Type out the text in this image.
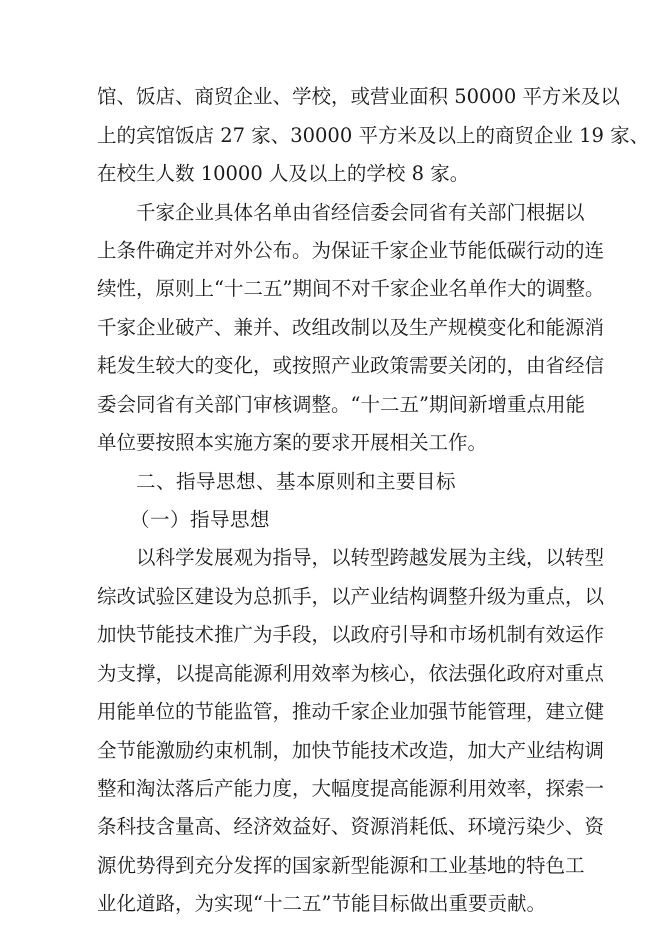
馆、饭店、商贸企业、学校，或营业面积 50000 平方米及以
上的宾馆饭店 27 家、30000 平方米及以上的商贸企业 19 家、
在校生人数 10000 人及以上的学校 8 家。
千家企业具体名单由省经信委会同省有关部门根据以
上条件确定并对外公布。为保证千家企业节能低碳行动的连
续性，原则上“十二五”期间不对千家企业名单作大的调整。
千家企业破产、兼并、改组改制以及生产规模变化和能源消
耗发生较大的变化，或按照产业政策需要关闭的，由省经信
委会同省有关部门审核调整。“十二五”期间新增重点用能
单位要按照本实施方案的要求开展相关工作。
二、指导思想、基本原则和主要目标
（一）指导思想
以科学发展观为指导，以转型跨越发展为主线，以转型
综改试验区建设为总抓手，以产业结构调整升级为重点，以
加快节能技术推广为手段，以政府引导和市场机制有效运作
为支撑，以提高能源利用效率为核心，依法强化政府对重点
用能单位的节能监管，推动千家企业加强节能管理，建立健
全节能激励约束机制，加快节能技术改造，加大产业结构调
整和淘汰落后产能力度，大幅度提高能源利用效率，探索一
条科技含量高、经济效益好、资源消耗低、环境污染少、资
源优势得到充分发挥的国家新型能源和工业基地的特色工
业化道路，为实现“十二五”节能目标做出重要贡献。
